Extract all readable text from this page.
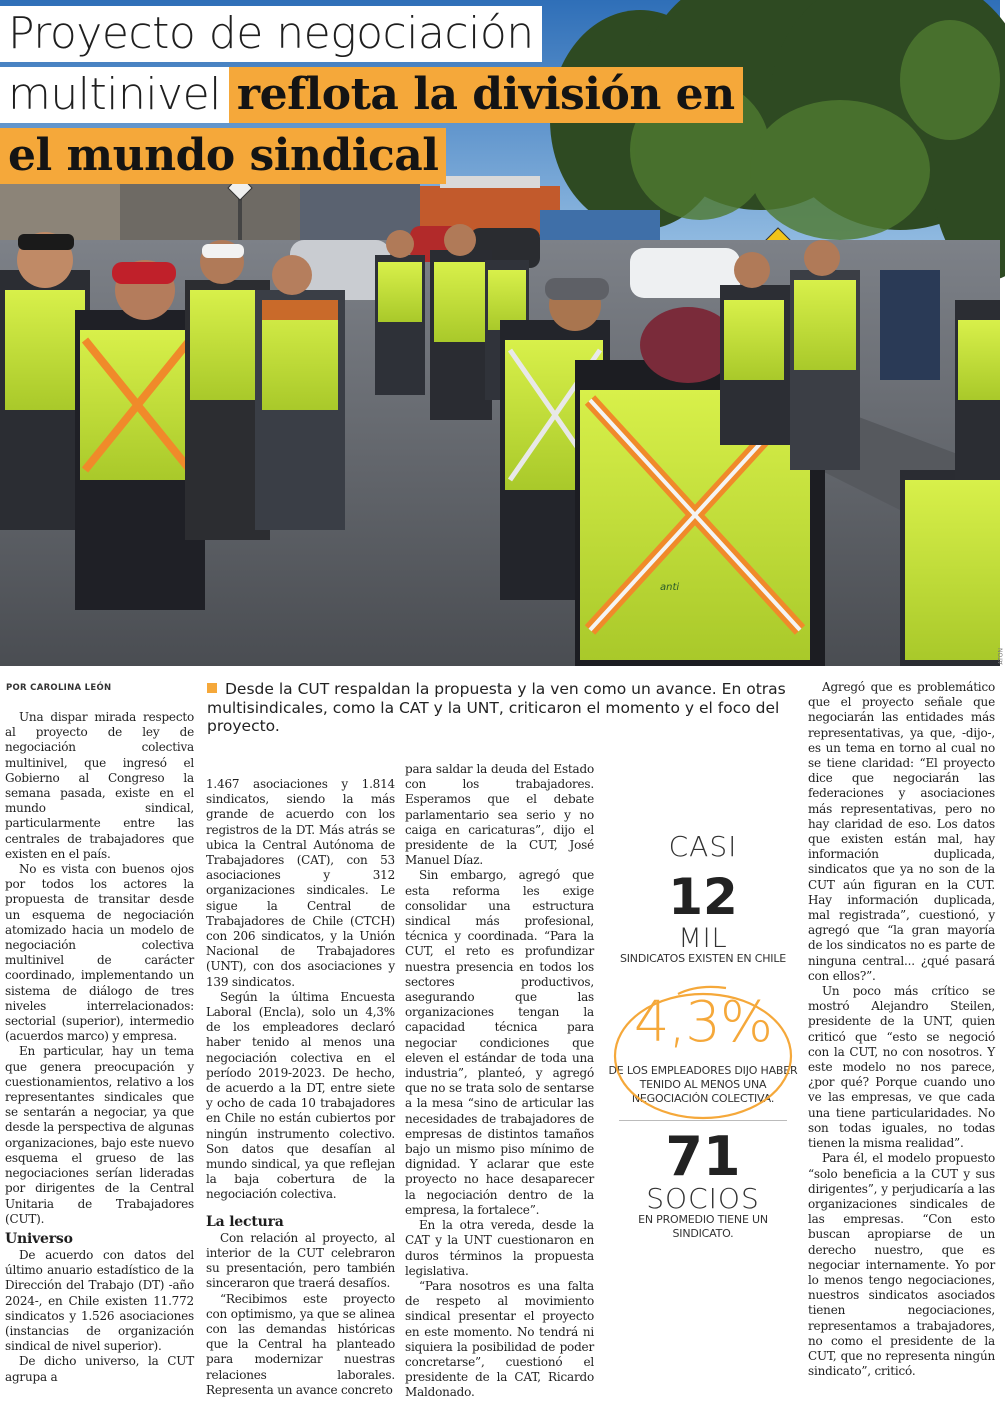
anti
Proyecto de negociación
multinivel reflota la división en
el mundo sindical
ATON
POR CAROLINA LEÓN	Desde la CUT respaldan la propuesta y la ven como un avance. En otras multisindicales, como la CAT y la UNT, criticaron el momento y el foco del proyecto.

Una dispar mirada respecto al proyecto de ley de negociación colectiva multinivel, que ingresó el Gobierno al Congreso la semana pasada, existe en el mundo sindical, particularmente entre las centrales de trabajadores que existen en el país.

No es vista con buenos ojos por todos los actores la propuesta de transitar desde un esquema de negociación atomizado hacia un modelo de negociación colectiva multinivel de carácter coordinado, implementando un sistema de diálogo de tres niveles interrelacionados: sectorial (superior), intermedio (acuerdos marco) y empresa.

En particular, hay un tema que genera preocupación y cuestionamientos, relativo a los representantes sindicales que se sentarán a negociar, ya que desde la perspectiva de algunas organizaciones, bajo este nuevo esquema el grueso de las negociaciones serían lideradas por dirigentes de la Central Unitaria de Trabajadores (CUT).

Universo

De acuerdo con datos del último anuario estadístico de la Dirección del Trabajo (DT) -año 2024-, en Chile existen 11.772 sindicatos y 1.526 asociaciones (instancias de organización sindical de nivel superior).

De dicho universo, la CUT agrupa a

1.467 asociaciones y 1.814 sindicatos, siendo la más grande de acuerdo con los registros de la DT. Más atrás se ubica la Central Autónoma de Trabajadores (CAT), con 53 asociaciones y 312 organizaciones sindicales. Le sigue la Central de Trabajadores de Chile (CTCH) con 206 sindicatos, y la Unión Nacional de Trabajadores (UNT), con dos asociaciones y 139 sindicatos.

Según la última Encuesta Laboral (Encla), solo un 4,3% de los empleadores declaró haber tenido al menos una negociación colectiva en el período 2019-2023. De hecho, de acuerdo a la DT, entre siete y ocho de cada 10 trabajadores en Chile no están cubiertos por ningún instrumento colectivo. Son datos que desafían al mundo sindical, ya que reflejan la baja cobertura de la negociación colectiva.

La lectura

Con relación al proyecto, al interior de la CUT celebraron su presentación, pero también sinceraron que traerá desafíos.

“Recibimos este proyecto con optimismo, ya que se alinea con las demandas históricas que la Central ha planteado para modernizar nuestras relaciones laborales. Representa un avance concreto

para saldar la deuda del Estado con los trabajadores. Esperamos que el debate parlamentario sea serio y no caiga en caricaturas”, dijo el presidente de la CUT, José Manuel Díaz.

Sin embargo, agregó que esta reforma les exige consolidar una estructura sindical más profesional, técnica y coordinada. “Para la CUT, el reto es profundizar nuestra presencia en todos los sectores productivos, asegurando que las organizaciones tengan la capacidad técnica para negociar condiciones que eleven el estándar de toda una industria”, planteó, y agregó que no se trata solo de sentarse a la mesa “sino de articular las necesidades de trabajadores de empresas de distintos tamaños bajo un mismo piso mínimo de dignidad. Y aclarar que este proyecto no hace desaparecer la negociación dentro de la empresa, la fortalece”.

En la otra vereda, desde la CAT y la UNT cuestionaron en duros términos la propuesta legislativa.

“Para nosotros es una falta de respeto al movimiento sindical presentar el proyecto en este momento. No tendrá ni siquiera la posibilidad de poder concretarse”, cuestionó el presidente de la CAT, Ricardo Maldonado.

Agregó que es problemático que el proyecto señale que negociarán las entidades más representativas, ya que, -dijo-, es un tema en torno al cual no se tiene claridad: “El proyecto dice que negociarán las federaciones y asociaciones más representativas, pero no hay claridad de eso. Los datos que existen están mal, hay información duplicada, sindicatos que ya no son de la CUT aún figuran en la CUT. Hay información duplicada, mal registrada”, cuestionó, y agregó que “la gran mayoría de los sindicatos no es parte de ninguna central... ¿qué pasará con ellos?”.

Un poco más crítico se mostró Alejandro Steilen, presidente de la UNT, quien criticó que “esto se negoció con la CUT, no con nosotros. Y este modelo no nos parece, ¿por qué? Porque cuando uno ve las empresas, ve que cada una tiene particularidades. No son todas iguales, no todas tienen la misma realidad”.

Para él, el modelo propuesto “solo beneficia a la CUT y sus dirigentes”, y perjudicaría a las organizaciones sindicales de las empresas. “Con esto buscan apropiarse de un derecho nuestro, que es negociar internamente. Yo por lo menos tengo negociaciones, nuestros sindicatos asociados tienen negociaciones, representamos a trabajadores, no como el presidente de la CUT, que no representa ningún sindicato”, criticó.

CASI
12
MIL
SINDICATOS EXISTEN EN CHILE
4,3%
DE LOS EMPLEADORES DIJO HABER TENIDO AL MENOS UNA NEGOCIACIÓN COLECTIVA.
71
SOCIOS
EN PROMEDIO TIENE UN SINDICATO.
